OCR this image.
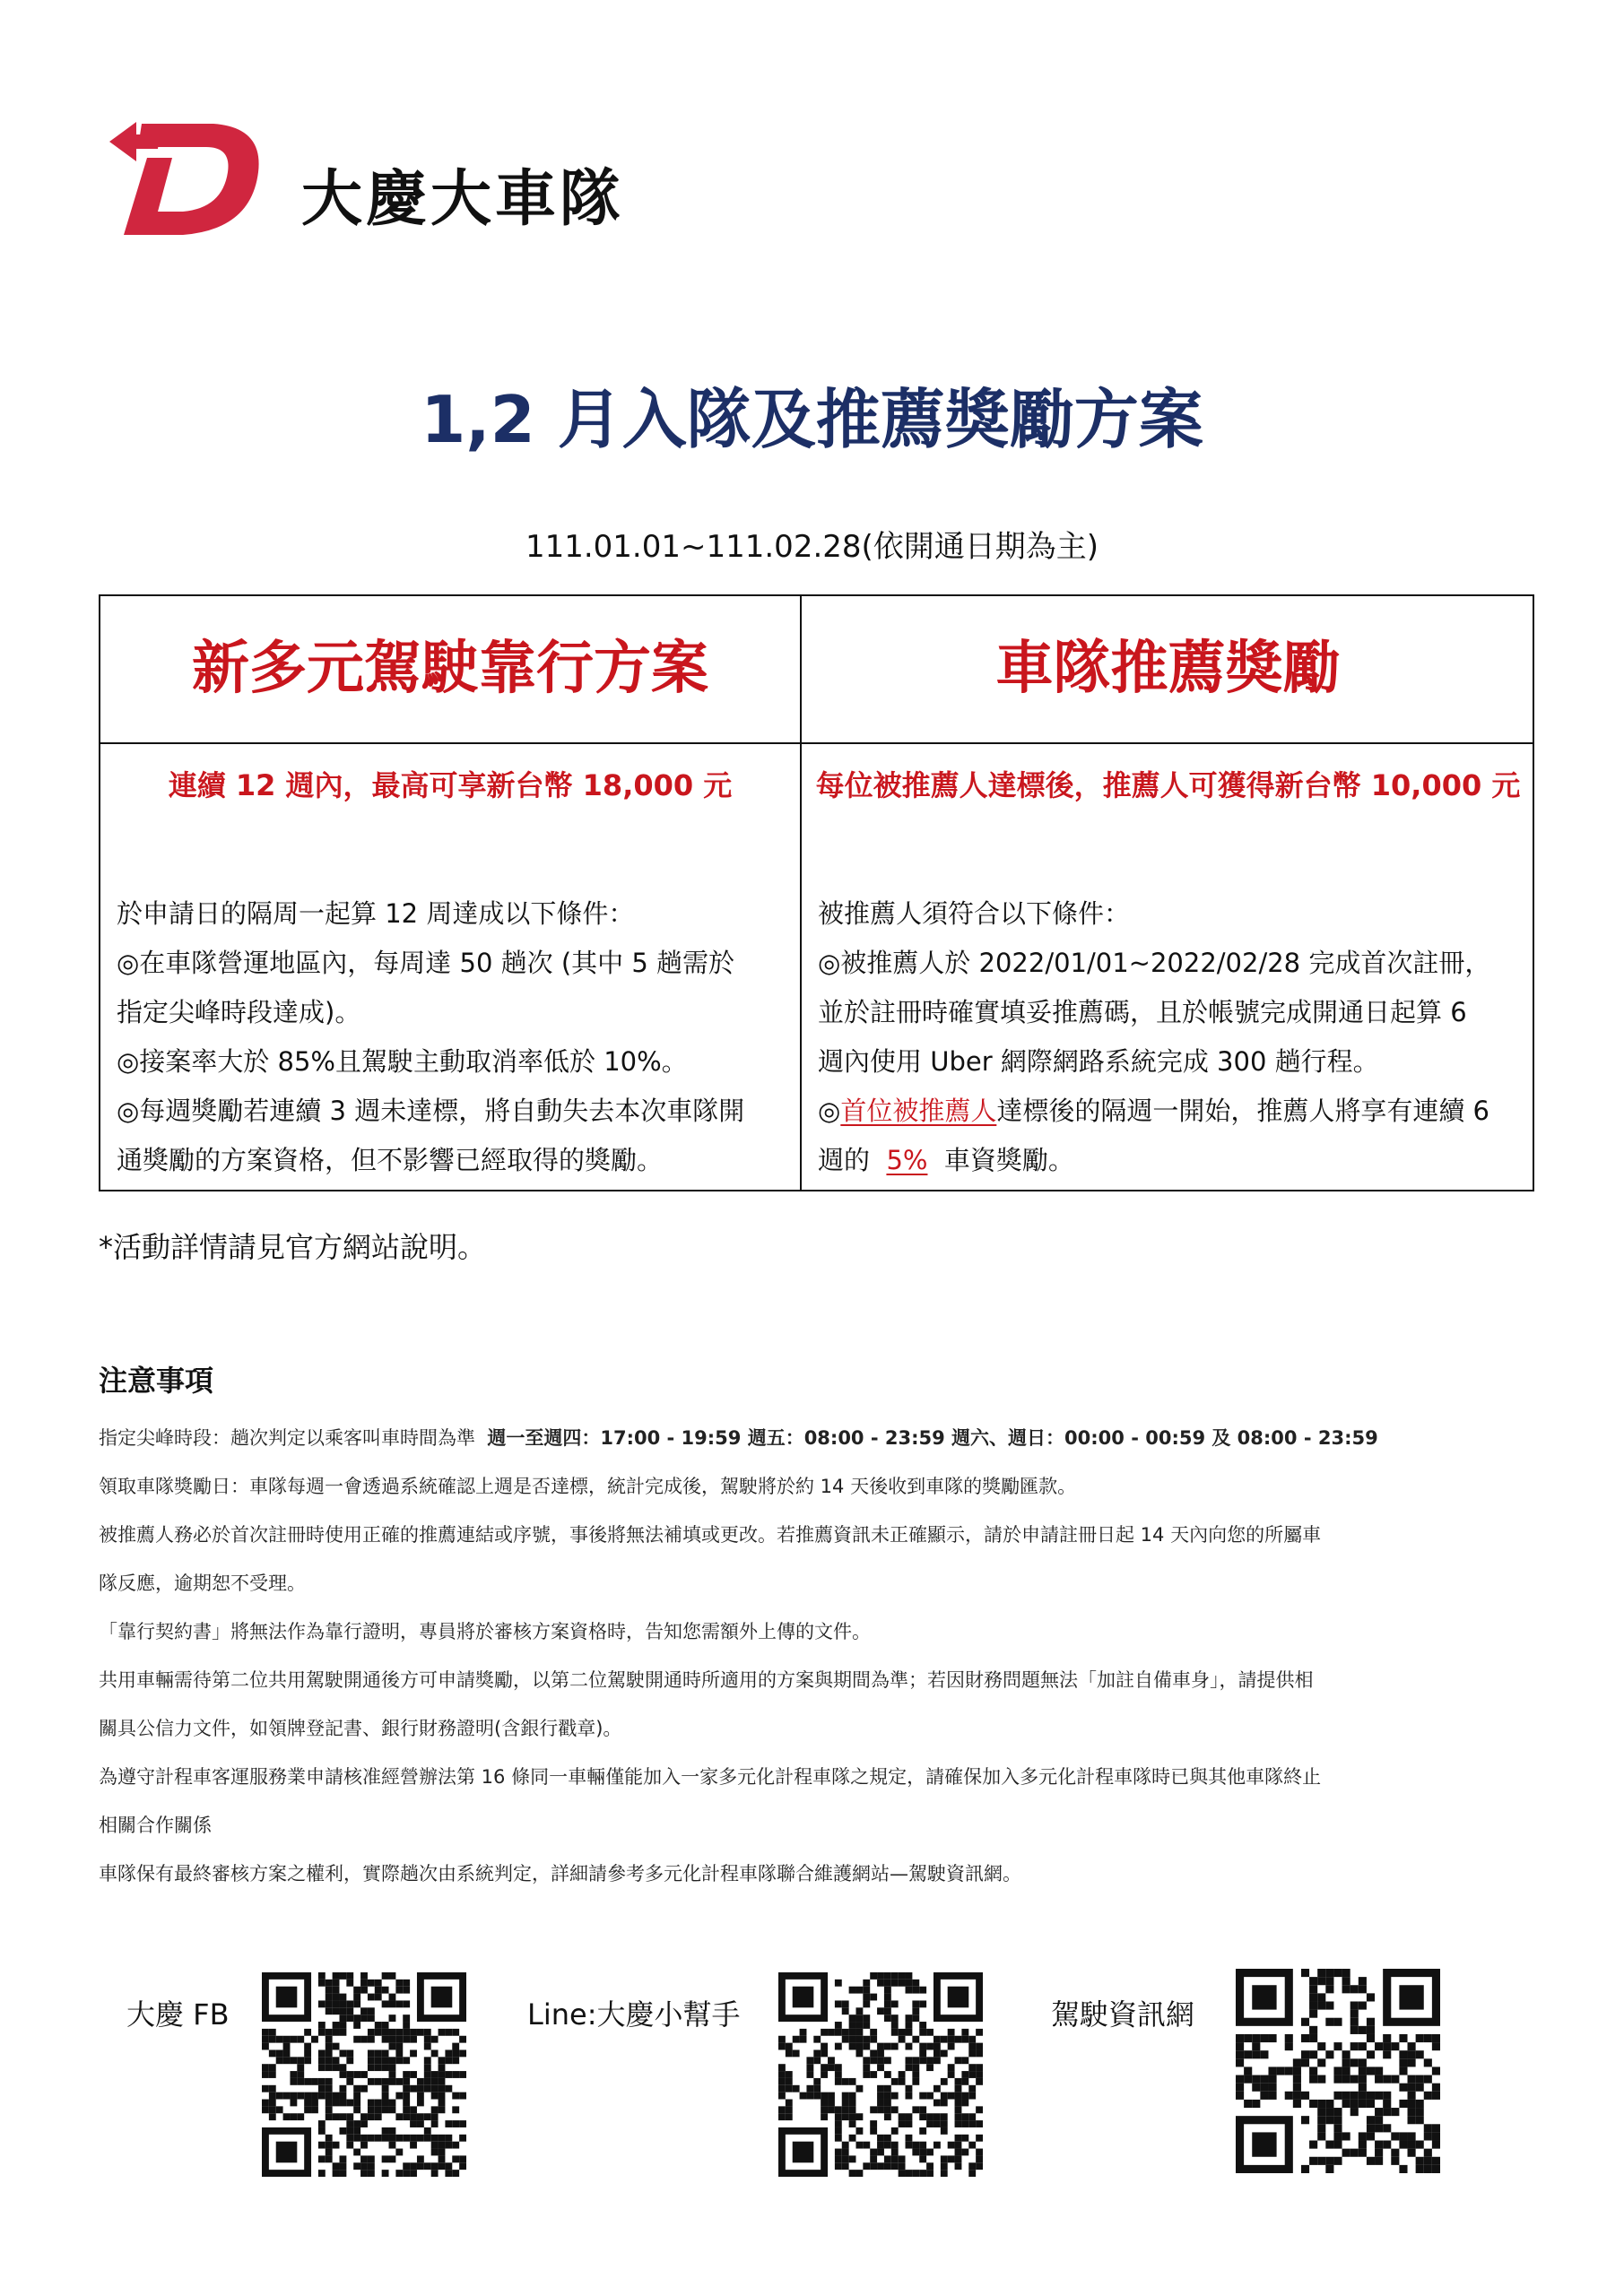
大慶大車隊
1,2 月入隊及推薦獎勵方案
111.01.01~111.02.28(依開通日期為主)
新多元駕駛靠行方案
連續 12 週內，最高可享新台幣 18,000 元
於申請日的隔周一起算 12 周達成以下條件：
◎在車隊營運地區內，每周達 50 趟次 (其中 5 趟需於
指定尖峰時段達成)。
◎接案率大於 85%且駕駛主動取消率低於 10%。
◎每週獎勵若連續 3 週未達標，將自動失去本次車隊開
通獎勵的方案資格，但不影響已經取得的獎勵。
車隊推薦獎勵
每位被推薦人達標後，推薦人可獲得新台幣 10,000 元
被推薦人須符合以下條件：
◎被推薦人於 2022/01/01~2022/02/28 完成首次註冊，
並於註冊時確實填妥推薦碼，且於帳號完成開通日起算 6
週內使用 Uber 網際網路系統完成 300 趟行程。
◎首位被推薦人達標後的隔週一開始，推薦人將享有連續 6
週的  5%  車資獎勵。
*活動詳情請見官方網站說明。
注意事項
指定尖峰時段：趟次判定以乘客叫車時間為準  週一至週四：17:00 - 19:59 週五：08:00 - 23:59 週六、週日：00:00 - 00:59 及 08:00 - 23:59
領取車隊獎勵日：車隊每週一會透過系統確認上週是否達標，統計完成後，駕駛將於約 14 天後收到車隊的獎勵匯款。
被推薦人務必於首次註冊時使用正確的推薦連結或序號，事後將無法補填或更改。若推薦資訊未正確顯示，請於申請註冊日起 14 天內向您的所屬車
隊反應，逾期恕不受理。
「靠行契約書」將無法作為靠行證明，專員將於審核方案資格時，告知您需額外上傳的文件。
共用車輛需待第二位共用駕駛開通後方可申請獎勵，以第二位駕駛開通時所適用的方案與期間為準；若因財務問題無法「加註自備車身」，請提供相
關具公信力文件，如領牌登記書、銀行財務證明(含銀行戳章)。
為遵守計程車客運服務業申請核准經營辦法第 16 條同一車輛僅能加入一家多元化計程車隊之規定，請確保加入多元化計程車隊時已與其他車隊終止
相關合作關係
車隊保有最終審核方案之權利，實際趟次由系統判定，詳細請參考多元化計程車隊聯合維護網站—駕駛資訊網。
大慶 FB	Line:大慶小幫手	駕駛資訊網
